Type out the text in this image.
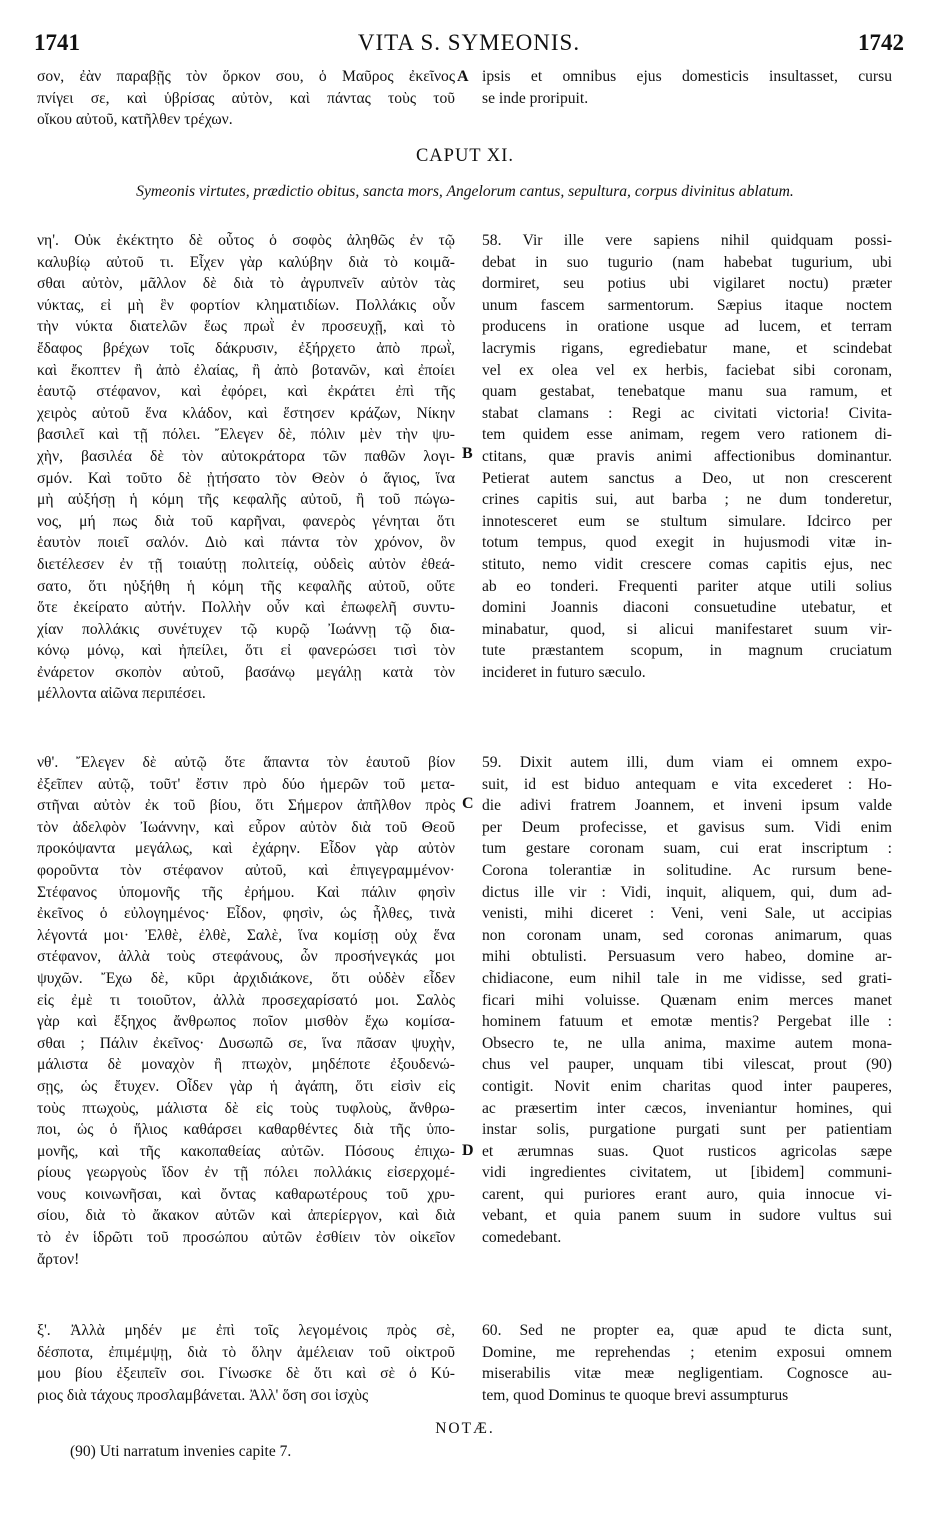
1741	VITA S. SYMEONIS.	1742
σον, ἐὰν παραβῇς τὸν ὅρκον σου, ὁ Μαῦρος ἐκεῖνος
πνίγει σε, καὶ ὑβρίσας αὐτὸν, καὶ πάντας τοὺς τοῦ
οἴκου αὐτοῦ, κατῆλθεν τρέχων.
ipsis et omnibus ejus domesticis insultasset, cursu
se inde proripuit.
A
CAPUT XI.
Symeonis virtutes, prædictio obitus, sancta mors, Angelorum cantus, sepultura, corpus divinitus ablatum.
νη'. Οὐκ ἐκέκτητο δὲ οὗτος ὁ σοφὸς ἀληθῶς ἐν τῷ
καλυβίῳ αὐτοῦ τι. Εἶχεν γὰρ καλύβην διὰ τὸ κοιμᾶ-
σθαι αὐτὸν, μᾶλλον δὲ διὰ τὸ ἀγρυπνεῖν αὐτὸν τὰς
νύκτας, εἰ μὴ ἓν φορτίον κληματιδίων. Πολλάκις οὖν
τὴν νύκτα διατελῶν ἕως πρωῒ ἐν προσευχῇ, καὶ τὸ
ἔδαφος βρέχων τοῖς δάκρυσιν, ἐξήρχετο ἀπὸ πρωῒ,
καὶ ἔκοπτεν ἢ ἀπὸ ἐλαίας, ἢ ἀπὸ βοτανῶν, καὶ ἐποίει
ἑαυτῷ στέφανον, καὶ ἐφόρει, καὶ ἐκράτει ἐπὶ τῆς
χειρὸς αὐτοῦ ἕνα κλάδον, καὶ ἕστησεν κράζων, Νίκην
βασιλεῖ καὶ τῇ πόλει. Ἔλεγεν δὲ, πόλιν μὲν τὴν ψυ-
χὴν, βασιλέα δὲ τὸν αὐτοκράτορα τῶν παθῶν λογι-
σμόν. Καὶ τοῦτο δὲ ᾐτήσατο τὸν Θεὸν ὁ ἅγιος, ἵνα
μὴ αὐξήσῃ ἡ κόμη τῆς κεφαλῆς αὐτοῦ, ἢ τοῦ πώγω-
νος, μή πως διὰ τοῦ καρῆναι, φανερὸς γένηται ὅτι
ἑαυτὸν ποιεῖ σαλόν. Διὸ καὶ πάντα τὸν χρόνον, ὃν
διετέλεσεν ἐν τῇ τοιαύτῃ πολιτείᾳ, οὐδεὶς αὐτὸν ἐθεά-
σατο, ὅτι ηὐξήθη ἡ κόμη τῆς κεφαλῆς αὐτοῦ, οὔτε
ὅτε ἐκείρατο αὐτήν. Πολλὴν οὖν καὶ ἐπωφελῆ συντυ-
χίαν πολλάκις συνέτυχεν τῷ κυρῷ Ἰωάννῃ τῷ δια-
κόνῳ μόνῳ, καὶ ἠπείλει, ὅτι εἰ φανερώσει τισὶ τὸν
ἐνάρετον σκοπὸν αὐτοῦ, βασάνῳ μεγάλῃ κατὰ τὸν
μέλλοντα αἰῶνα περιπέσει.
58. Vir ille vere sapiens nihil quidquam possi-
debat in suo tugurio (nam habebat tugurium, ubi
dormiret, seu potius ubi vigilaret noctu) præter
unum fascem sarmentorum. Sæpius itaque noctem
producens in oratione usque ad lucem, et terram
lacrymis rigans, egrediebatur mane, et scindebat
vel ex olea vel ex herbis, faciebat sibi coronam,
quam gestabat, tenebatque manu sua ramum, et
stabat clamans : Regi ac civitati victoria! Civita-
tem quidem esse animam, regem vero rationem di-
ctitans, quæ pravis animi affectionibus dominantur.
Petierat autem sanctus a Deo, ut non crescerent
crines capitis sui, aut barba ; ne dum tonderetur,
innotesceret eum se stultum simulare. Idcirco per
totum tempus, quod exegit in hujusmodi vitæ in-
stituto, nemo vidit crescere comas capitis ejus, nec
ab eo tonderi. Frequenti pariter atque utili solius
domini Joannis diaconi consuetudine utebatur, et
minabatur, quod, si alicui manifestaret suum vir-
tute præstantem scopum, in magnum cruciatum
incideret in futuro sæculo.
B
νθ'. Ἔλεγεν δὲ αὐτῷ ὅτε ἅπαντα τὸν ἑαυτοῦ βίον
ἐξεῖπεν αὐτῷ, τοῦτ' ἔστιν πρὸ δύο ἡμερῶν τοῦ μετα-
στῆναι αὐτὸν ἐκ τοῦ βίου, ὅτι Σήμερον ἀπῆλθον πρὸς
τὸν ἀδελφὸν Ἰωάννην, καὶ εὗρον αὐτὸν διὰ τοῦ Θεοῦ
προκόψαντα μεγάλως, καὶ ἐχάρην. Εἶδον γὰρ αὐτὸν
φοροῦντα τὸν στέφανον αὐτοῦ, καὶ ἐπιγεγραμμένον·
Στέφανος ὑπομονῆς τῆς ἐρήμου. Καὶ πάλιν φησὶν
ἐκεῖνος ὁ εὐλογημένος· Εἶδον, φησὶν, ὡς ἦλθες, τινὰ
λέγοντά μοι· Ἐλθὲ, ἐλθὲ, Σαλὲ, ἵνα κομίσῃ οὐχ ἕνα
στέφανον, ἀλλὰ τοὺς στεφάνους, ὧν προσήνεγκάς μοι
ψυχῶν. Ἔχω δὲ, κῦρι ἀρχιδιάκονε, ὅτι οὐδὲν εἶδεν
εἰς ἐμὲ τι τοιοῦτον, ἀλλὰ προσεχαρίσατό μοι. Σαλὸς
γὰρ καὶ ἔξηχος ἄνθρωπος ποῖον μισθὸν ἔχω κομίσα-
σθαι ; Πάλιν ἐκεῖνος· Δυσωπῶ σε, ἵνα πᾶσαν ψυχὴν,
μάλιστα δὲ μοναχὸν ἢ πτωχὸν, μηδέποτε ἐξουδενώ-
σῃς, ὡς ἔτυχεν. Οἶδεν γὰρ ἡ ἀγάπη, ὅτι εἰσὶν εἰς
τοὺς πτωχοὺς, μάλιστα δὲ εἰς τοὺς τυφλοὺς, ἄνθρω-
ποι, ὡς ὁ ἥλιος καθάρσει καθαρθέντες διὰ τῆς ὑπο-
μονῆς, καὶ τῆς κακοπαθείας αὐτῶν. Πόσους ἐπιχω-
ρίους γεωργοὺς ἴδον ἐν τῇ πόλει πολλάκις εἰσερχομέ-
νους κοινωνῆσαι, καὶ ὄντας καθαρωτέρους τοῦ χρυ-
σίου, διὰ τὸ ἄκακον αὐτῶν καὶ ἀπερίεργον, καὶ διὰ
τὸ ἐν ἱδρῶτι τοῦ προσώπου αὐτῶν ἐσθίειν τὸν οἰκεῖον
ἄρτον!
59. Dixit autem illi, dum viam ei omnem expo-
suit, id est biduo antequam e vita excederet : Ho-
die adivi fratrem Joannem, et inveni ipsum valde
per Deum profecisse, et gavisus sum. Vidi enim
tum gestare coronam suam, cui erat inscriptum :
Corona tolerantiæ in solitudine. Ac rursum bene-
dictus ille vir : Vidi, inquit, aliquem, qui, dum ad-
venisti, mihi diceret : Veni, veni Sale, ut accipias
non coronam unam, sed coronas animarum, quas
mihi obtulisti. Persuasum vero habeo, domine ar-
chidiacone, eum nihil tale in me vidisse, sed grati-
ficari mihi voluisse. Quænam enim merces manet
hominem fatuum et emotæ mentis? Pergebat ille :
Obsecro te, ne ulla anima, maxime autem mona-
chus vel pauper, unquam tibi vilescat, prout (90)
contigit. Novit enim charitas quod inter pauperes,
ac præsertim inter cæcos, inveniantur homines, qui
instar solis, purgatione purgati sunt per patientiam
et ærumnas suas. Quot rusticos agricolas sæpe
vidi ingredientes civitatem, ut [ibidem] communi-
carent, qui puriores erant auro, quia innocue vi-
vebant, et quia panem suum in sudore vultus sui
comedebant.
C
D
ξ'. Ἀλλὰ μηδέν με ἐπὶ τοῖς λεγομένοις πρὸς σὲ,
δέσποτα, ἐπιμέμψῃ, διὰ τὸ ὅλην ἀμέλειαν τοῦ οἰκτροῦ
μου βίου ἐξειπεῖν σοι. Γίνωσκε δὲ ὅτι καὶ σὲ ὁ Κύ-
ριος διὰ τάχους προσλαμβάνεται. Ἀλλ' ὅση σοι ἰσχὺς
60. Sed ne propter ea, quæ apud te dicta sunt,
Domine, me reprehendas ; etenim exposui omnem
miserabilis vitæ meæ negligentiam. Cognosce au-
tem, quod Dominus te quoque brevi assumpturus
NOTÆ.
(90) Uti narratum invenies capite 7.
